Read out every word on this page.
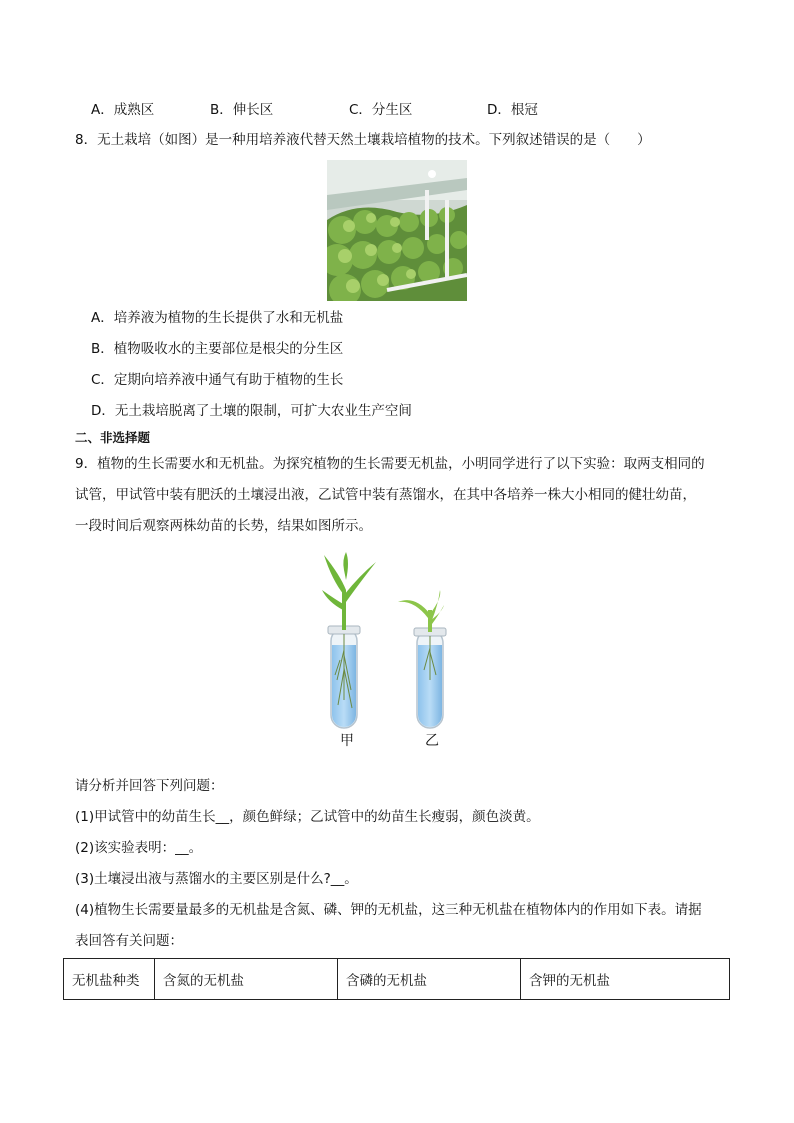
A．成熟区	B．伸长区	C．分生区	D．根冠
8．无土栽培（如图）是一种用培养液代替天然土壤栽培植物的技术。下列叙述错误的是（　　）
A．培养液为植物的生长提供了水和无机盐
B．植物吸收水的主要部位是根尖的分生区
C．定期向培养液中通气有助于植物的生长
D．无土栽培脱离了土壤的限制，可扩大农业生产空间
二、非选择题
9．植物的生长需要水和无机盐。为探究植物的生长需要无机盐，小明同学进行了以下实验：取两支相同的
试管，甲试管中装有肥沃的土壤浸出液，乙试管中装有蒸馏水，在其中各培养一株大小相同的健壮幼苗，
一段时间后观察两株幼苗的长势，结果如图所示。
甲	乙
请分析并回答下列问题：
(1)甲试管中的幼苗生长__，颜色鲜绿；乙试管中的幼苗生长瘦弱，颜色淡黄。
(2)该实验表明：__。
(3)土壤浸出液与蒸馏水的主要区别是什么?__。
(4)植物生长需要量最多的无机盐是含氮、磷、钾的无机盐，这三种无机盐在植物体内的作用如下表。请据
表回答有关问题：
无机盐种类	含氮的无机盐	含磷的无机盐	含钾的无机盐
